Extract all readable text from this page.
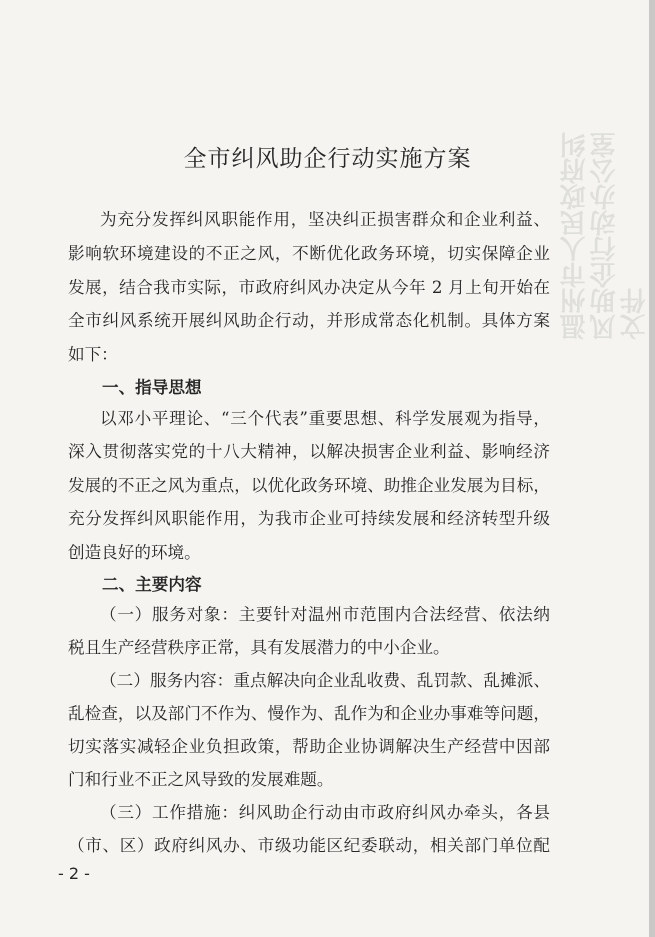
温州市人民政府纠风助企行动办公室文件
全市纠风助企行动实施方案
为充分发挥纠风职能作用，坚决纠正损害群众和企业利益、
影响软环境建设的不正之风，不断优化政务环境，切实保障企业
发展，结合我市实际，市政府纠风办决定从今年 2 月上旬开始在
全市纠风系统开展纠风助企行动，并形成常态化机制。具体方案
如下：
一、指导思想
以邓小平理论、“三个代表”重要思想、科学发展观为指导，
深入贯彻落实党的十八大精神，以解决损害企业利益、影响经济
发展的不正之风为重点，以优化政务环境、助推企业发展为目标，
充分发挥纠风职能作用，为我市企业可持续发展和经济转型升级
创造良好的环境。
二、主要内容
（一）服务对象：主要针对温州市范围内合法经营、依法纳
税且生产经营秩序正常，具有发展潜力的中小企业。
（二）服务内容：重点解决向企业乱收费、乱罚款、乱摊派、
乱检查，以及部门不作为、慢作为、乱作为和企业办事难等问题，
切实落实减轻企业负担政策，帮助企业协调解决生产经营中因部
门和行业不正之风导致的发展难题。
（三）工作措施：纠风助企行动由市政府纠风办牵头，各县
（市、区）政府纠风办、市级功能区纪委联动，相关部门单位配
- 2 -
